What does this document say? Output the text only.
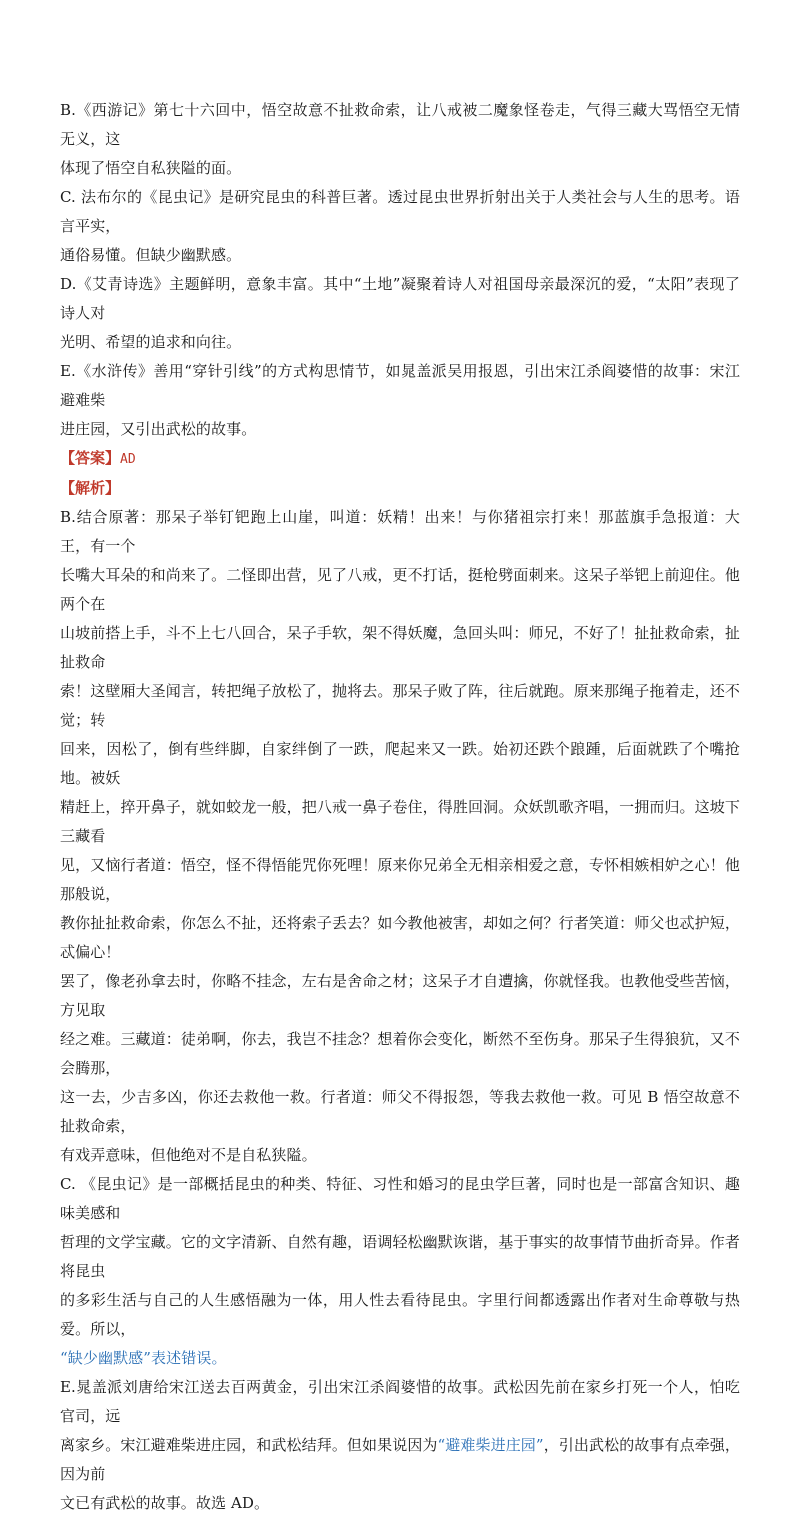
B.《西游记》第七十六回中，悟空故意不扯救命索，让八戒被二魔象怪卷走，气得三藏大骂悟空无情无义，这
体现了悟空自私狭隘的面。

C. 法布尔的《昆虫记》是研究昆虫的科普巨著。透过昆虫世界折射出关于人类社会与人生的思考。语言平实，
通俗易懂。但缺少幽默感。

D.《艾青诗选》主题鲜明，意象丰富。其中“土地”凝聚着诗人对祖国母亲最深沉的爱，“太阳”表现了诗人对
光明、希望的追求和向往。

E.《水浒传》善用“穿针引线”的方式构思情节，如晁盖派吴用报恩，引出宋江杀阎婆惜的故事：宋江避难柴
进庄园，又引出武松的故事。

【答案】AD

【解析】

B.结合原著：那呆子举钉钯跑上山崖，叫道：妖精！出来！与你猪祖宗打来！那蓝旗手急报道：大王，有一个
长嘴大耳朵的和尚来了。二怪即出营，见了八戒，更不打话，挺枪劈面刺来。这呆子举钯上前迎住。他两个在
山坡前搭上手，斗不上七八回合，呆子手软，架不得妖魔，急回头叫：师兄，不好了！扯扯救命索，扯扯救命
索！这壁厢大圣闻言，转把绳子放松了，抛将去。那呆子败了阵，往后就跑。原来那绳子拖着走，还不觉；转
回来，因松了，倒有些绊脚，自家绊倒了一跌，爬起来又一跌。始初还跌个踉踵，后面就跌了个嘴抢地。被妖
精赶上，捽开鼻子，就如蛟龙一般，把八戒一鼻子卷住，得胜回洞。众妖凯歌齐唱，一拥而归。这坡下三藏看
见，又恼行者道：悟空，怪不得悟能咒你死哩！原来你兄弟全无相亲相爱之意，专怀相嫉相妒之心！他那般说，
教你扯扯救命索，你怎么不扯，还将索子丢去？如今教他被害，却如之何？行者笑道：师父也忒护短，忒偏心！
罢了，像老孙拿去时，你略不挂念，左右是舍命之材；这呆子才自遭擒，你就怪我。也教他受些苦恼，方见取
经之难。三藏道：徒弟啊，你去，我岂不挂念？想着你会变化，断然不至伤身。那呆子生得狼犺，又不会腾那，
这一去，少吉多凶，你还去救他一救。行者道：师父不得报怨，等我去救他一救。可见 B 悟空故意不扯救命索，
有戏弄意味，但他绝对不是自私狭隘。

C. 《昆虫记》是一部概括昆虫的种类、特征、习性和婚习的昆虫学巨著，同时也是一部富含知识、趣味美感和
哲理的文学宝藏。它的文字清新、自然有趣，语调轻松幽默诙谐，基于事实的故事情节曲折奇异。作者将昆虫
的多彩生活与自己的人生感悟融为一体，用人性去看待昆虫。字里行间都透露出作者对生命尊敬与热爱。所以，
“缺少幽默感”表述错误。

E.晁盖派刘唐给宋江送去百两黄金，引出宋江杀阎婆惜的故事。武松因先前在家乡打死一个人，怕吃官司，远
离家乡。宋江避难柴进庄园，和武松结拜。但如果说因为“避难柴进庄园”，引出武松的故事有点牵强，因为前
文已有武松的故事。故选 AD。
